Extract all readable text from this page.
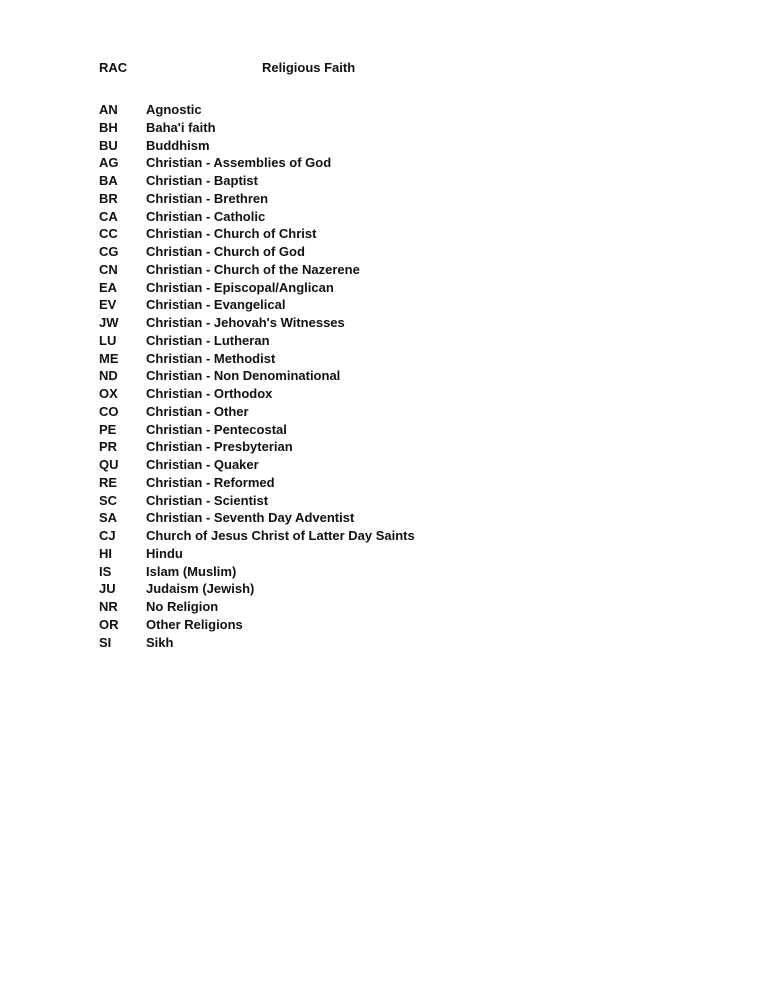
RAC	Religious Faith
AN	Agnostic
BH	Baha'i faith
BU	Buddhism
AG	Christian - Assemblies of God
BA	Christian - Baptist
BR	Christian - Brethren
CA	Christian - Catholic
CC	Christian - Church of Christ
CG	Christian - Church of God
CN	Christian - Church of the Nazerene
EA	Christian - Episcopal/Anglican
EV	Christian - Evangelical
JW	Christian - Jehovah's Witnesses
LU	Christian - Lutheran
ME	Christian - Methodist
ND	Christian - Non Denominational
OX	Christian - Orthodox
CO	Christian - Other
PE	Christian - Pentecostal
PR	Christian - Presbyterian
QU	Christian - Quaker
RE	Christian - Reformed
SC	Christian - Scientist
SA	Christian - Seventh Day Adventist
CJ	Church of Jesus Christ of Latter Day Saints
HI	Hindu
IS	Islam (Muslim)
JU	Judaism (Jewish)
NR	No Religion
OR	Other Religions
SI	Sikh
